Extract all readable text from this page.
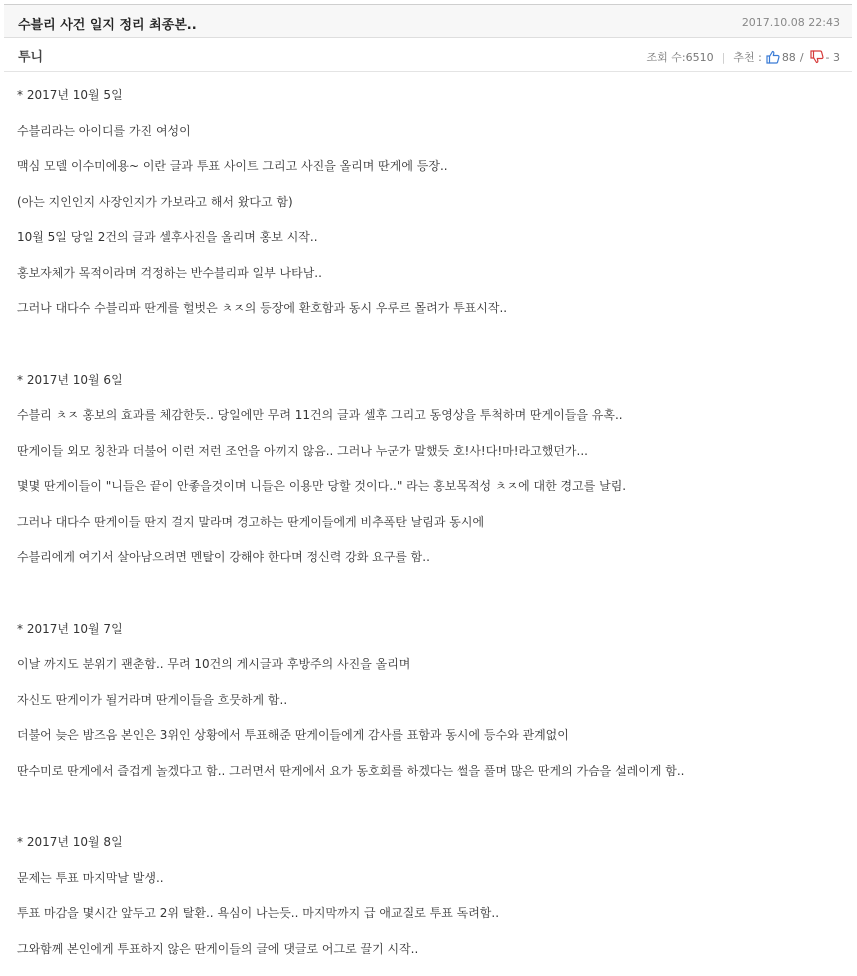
수블리 사건 일지 정리 최종본..	2017.10.08 22:43
투니	조회 수: 6510 | 추천 : 88 / - 3

* 2017년 10월 5일

수블리라는 아이디를 가진 여성이

맥심 모델 이수미에용~ 이란 글과 투표 사이트 그리고 사진을 올리며 딴게에 등장..

(아는 지인인지 사장인지가 가보라고 해서 왔다고 함)

10월 5일 당일 2건의 글과 셀후사진을 올리며 홍보 시작..

홍보자체가 목적이라며 걱정하는 반수블리파 일부 나타남..

그러나 대다수 수블리파 딴게를 헐벗은 ㅊㅈ의 등장에 환호함과 동시 우루르 몰려가 투표시작..

* 2017년 10월 6일

수블리 ㅊㅈ 홍보의 효과를 체감한듯.. 당일에만 무려 11건의 글과 셀후 그리고 동영상을 투척하며 딴게이들을 유혹..

딴게이들 외모 칭찬과 더불어 이런 저런 조언을 아끼지 않음.. 그러나 누군가 말했듯 호!사!다!마!라고했던가...

몇몇 딴게이들이 "니들은 끝이 안좋을것이며 니들은 이용만 당할 것이다.." 라는 홍보목적성 ㅊㅈ에 대한 경고를 날림.

그러나 대다수 딴게이들 딴지 걸지 말라며 경고하는 딴게이들에게 비추폭탄 날림과 동시에

수블리에게 여기서 살아남으려면 멘탈이 강해야 한다며 정신력 강화 요구를 함..

* 2017년 10월 7일

이날 까지도 분위기 괜춘함.. 무려 10건의 게시글과 후방주의 사진을 올리며

자신도 딴게이가 될거라며 딴게이들을 흐뭇하게 함..

더불어 늦은 밤즈음 본인은 3위인 상황에서 투표해준 딴게이들에게 감사를 표함과 동시에 등수와 관계없이

딴수미로 딴게에서 즐겁게 놀겠다고 함.. 그러면서 딴게에서 요가 동호회를 하겠다는 썰을 풀며 많은 딴게의 가슴을 설레이게 함..

* 2017년 10월 8일

문제는 투표 마지막날 발생..

투표 마감을 몇시간 앞두고 2위 탈환.. 욕심이 나는듯.. 마지막까지 급 애교질로 투표 독려함..

그와함께 본인에게 투표하지 않은 딴게이들의 글에 댓글로 어그로 끌기 시작..
